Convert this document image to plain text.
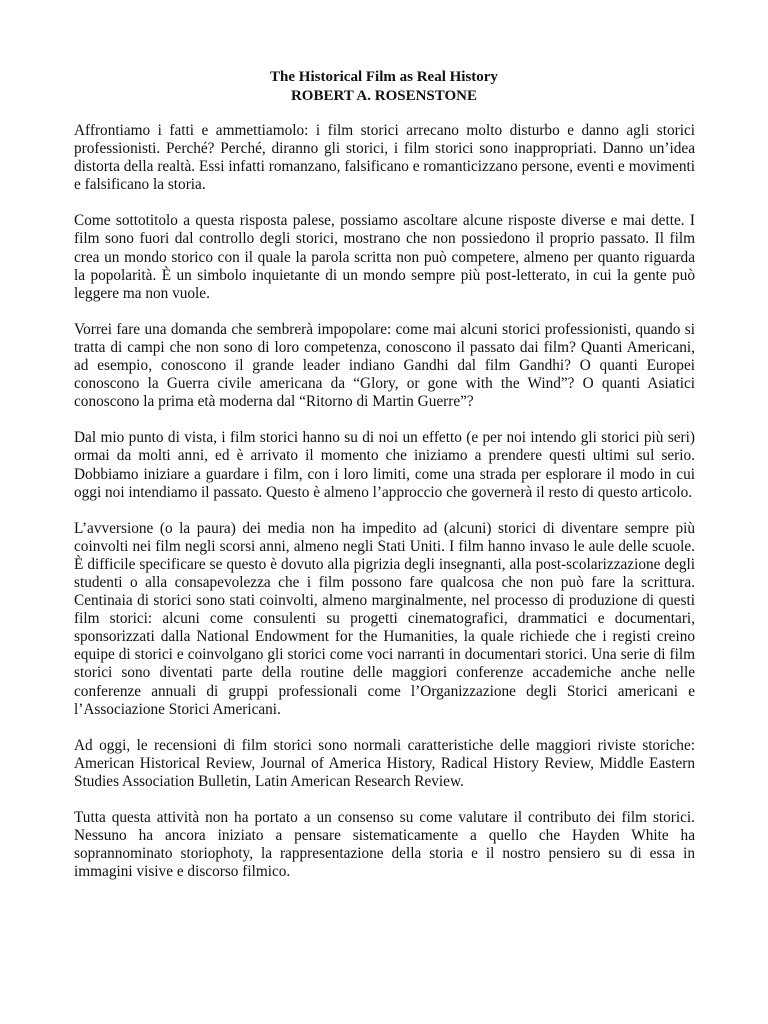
The Historical Film as Real History
ROBERT A. ROSENSTONE

Affrontiamo i fatti e ammettiamolo: i film storici arrecano molto disturbo e danno agli storici professionisti. Perché? Perché, diranno gli storici, i film storici sono inappropriati. Danno un’idea distorta della realtà. Essi infatti romanzano, falsificano e romanticizzano persone, eventi e movimenti e falsificano la storia.

Come sottotitolo a questa risposta palese, possiamo ascoltare alcune risposte diverse e mai dette. I film sono fuori dal controllo degli storici, mostrano che non possiedono il proprio passato. Il film crea un mondo storico con il quale la parola scritta non può competere, almeno per quanto riguarda la popolarità. È un simbolo inquietante di un mondo sempre più post-letterato, in cui la gente può leggere ma non vuole.

Vorrei fare una domanda che sembrerà impopolare: come mai alcuni storici professionisti, quando si tratta di campi che non sono di loro competenza, conoscono il passato dai film? Quanti Americani, ad esempio, conoscono il grande leader indiano Gandhi dal film Gandhi? O quanti Europei conoscono la Guerra civile americana da “Glory, or gone with the Wind”? O quanti Asiatici conoscono la prima età moderna dal “Ritorno di Martin Guerre”?

Dal mio punto di vista, i film storici hanno su di noi un effetto (e per noi intendo gli storici più seri) ormai da molti anni, ed è arrivato il momento che iniziamo a prendere questi ultimi sul serio. Dobbiamo iniziare a guardare i film, con i loro limiti, come una strada per esplorare il modo in cui oggi noi intendiamo il passato. Questo è almeno l’approccio che governerà il resto di questo articolo.

L’avversione (o la paura) dei media non ha impedito ad (alcuni) storici di diventare sempre più coinvolti nei film negli scorsi anni, almeno negli Stati Uniti. I film hanno invaso le aule delle scuole. È difficile specificare se questo è dovuto alla pigrizia degli insegnanti, alla post-scolarizzazione degli studenti o alla consapevolezza che i film possono fare qualcosa che non può fare la scrittura. Centinaia di storici sono stati coinvolti, almeno marginalmente, nel processo di produzione di questi film storici: alcuni come consulenti su progetti cinematografici, drammatici e documentari, sponsorizzati dalla National Endowment for the Humanities, la quale richiede che i registi creino equipe di storici e coinvolgano gli storici come voci narranti in documentari storici. Una serie di film storici sono diventati parte della routine delle maggiori conferenze accademiche anche nelle conferenze annuali di gruppi professionali come l’Organizzazione degli Storici americani e l’Associazione Storici Americani.

Ad oggi, le recensioni di film storici sono normali caratteristiche delle maggiori riviste storiche: American Historical Review, Journal of America History, Radical History Review, Middle Eastern Studies Association Bulletin, Latin American Research Review.

Tutta questa attività non ha portato a un consenso su come valutare il contributo dei film storici. Nessuno ha ancora iniziato a pensare sistematicamente a quello che Hayden White ha soprannominato storiophoty, la rappresentazione della storia e il nostro pensiero su di essa in immagini visive e discorso filmico.
